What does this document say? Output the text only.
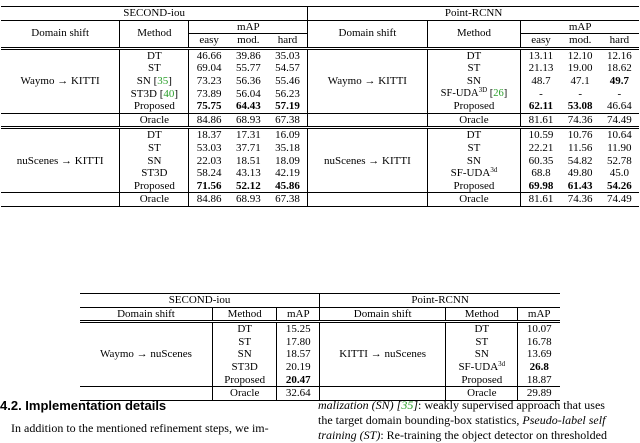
SECOND-iou					Point-RCNN				
Domain shift	Method	mAP			Domain shift	Method	mAP		
		easy	mod.	hard			easy	mod.	hard
Waymo → KITTI	DT	46.66	39.86	35.03	Waymo → KITTI	DT	13.11	12.10	12.16
	ST	69.04	55.77	54.57		ST	21.13	19.00	18.62
	SN [35]	73.23	56.36	55.46		SN	48.7	47.1	49.7
	ST3D [40]	73.89	56.04	56.23		$SF-UDA^{3D}$ [26]	-	-	-
	Proposed	75.75	64.43	57.19		Proposed	62.11	53.08	46.64
	Oracle	84.86	68.93	67.38		Oracle	81.61	74.36	74.49
nuScenes → KITTI	DT	18.37	17.31	16.09	nuScenes → KITTI	DT	10.59	10.76	10.64
	ST	53.03	37.71	35.18		ST	22.21	11.56	11.90
	SN	22.03	18.51	18.09		SN	60.35	54.82	52.78
	ST3D	58.24	43.13	42.19		$SF-UDA^{3d}$	68.8	49.80	45.0
	Proposed	71.56	52.12	45.86		Proposed	69.98	61.43	54.26
	Oracle	84.86	68.93	67.38		Oracle	81.61	74.36	74.49
SECOND-iou			Point-RCNN		
Domain shift	Method	mAP	Domain shift	Method	mAP
Waymo → nuScenes	DT	15.25	KITTI → nuScenes	DT	10.07
	ST	17.80		ST	16.78
	SN	18.57		SN	13.69
	ST3D	20.19		$SF-UDA^{3d}$	26.8
	Proposed	20.47		Proposed	18.87
	Oracle	32.64		Oracle	29.89
4.2. Implementation details
In addition to the mentioned refinement steps, we im-
malization (SN) [35]: weakly supervised approach that uses
the target domain bounding-box statistics, Pseudo-label self
training (ST): Re-training the object detector on thresholded
